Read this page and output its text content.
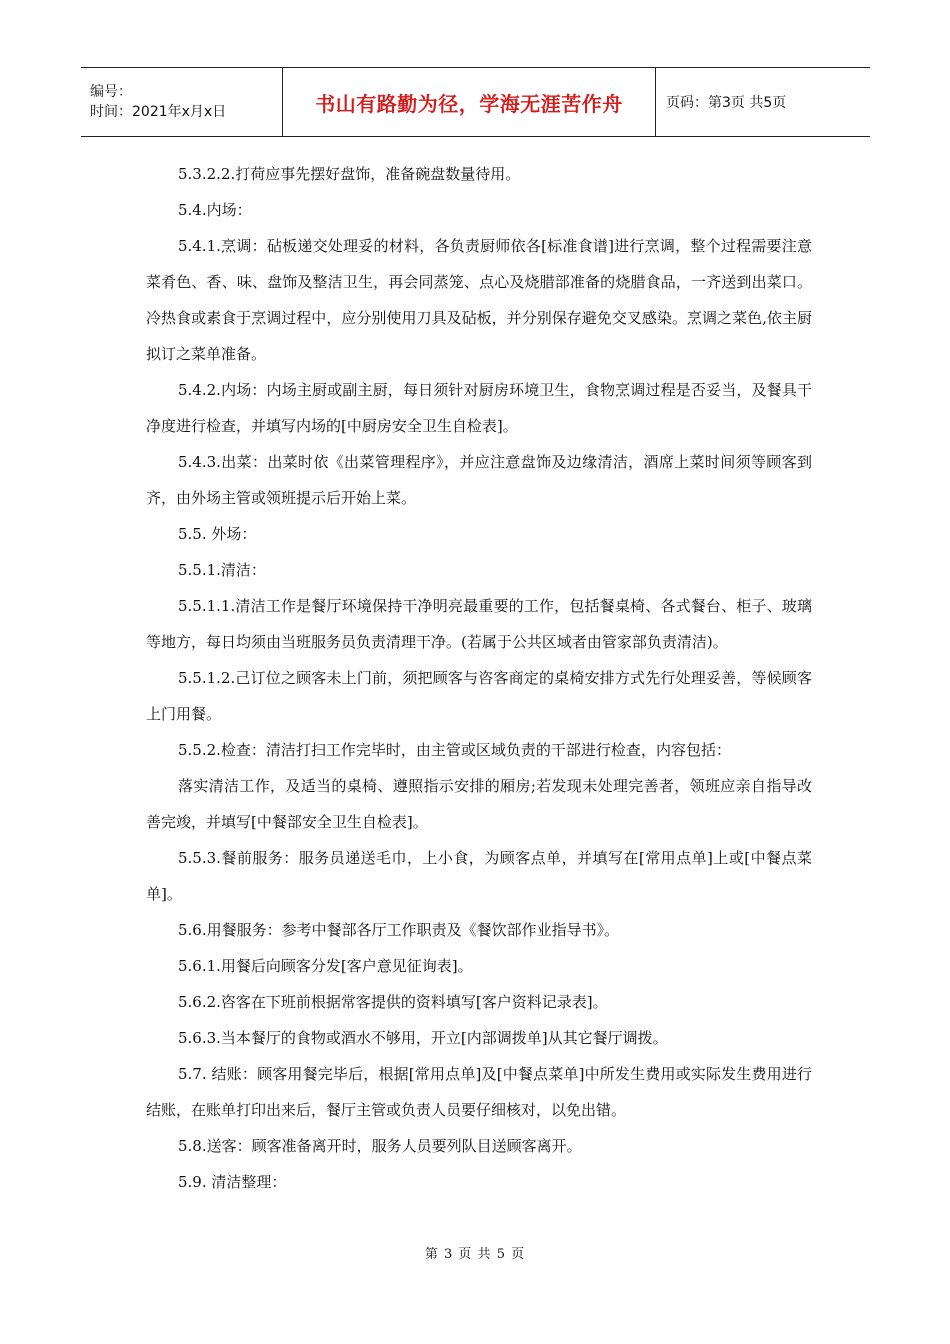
编号：
时间：2021年x月x日	书山有路勤为径，学海无涯苦作舟	页码：第3页 共5页

5.3.2.2.打荷应事先摆好盘饰，准备碗盘数量待用。

5.4.内场：

5.4.1.烹调：砧板递交处理妥的材料，各负责厨师依各[标准食谱]进行烹调，整个过程需要注意菜肴色、香、味、盘饰及整洁卫生，再会同蒸笼、点心及烧腊部准备的烧腊食品，一齐送到出菜口。冷热食或素食于烹调过程中，应分别使用刀具及砧板，并分别保存避免交叉感染。烹调之菜色,依主厨拟订之菜单准备。

5.4.2.内场：内场主厨或副主厨，每日须针对厨房环境卫生，食物烹调过程是否妥当，及餐具干净度进行检查，并填写内场的[中厨房安全卫生自检表]。

5.4.3.出菜：出菜时依《出菜管理程序》，并应注意盘饰及边缘清洁，酒席上菜时间须等顾客到齐，由外场主管或领班提示后开始上菜。

5.5. 外场：

5.5.1.清洁：

5.5.1.1.清洁工作是餐厅环境保持干净明亮最重要的工作，包括餐桌椅、各式餐台、柜子、玻璃等地方，每日均须由当班服务员负责清理干净。(若属于公共区域者由管家部负责清洁)。

5.5.1.2.己订位之顾客未上门前，须把顾客与咨客商定的桌椅安排方式先行处理妥善，等候顾客上门用餐。

5.5.2.检查：清洁打扫工作完毕时，由主管或区域负责的干部进行检查，内容包括：

落实清洁工作，及适当的桌椅、遵照指示安排的厢房;若发现未处理完善者，领班应亲自指导改善完竣，并填写[中餐部安全卫生自检表]。

5.5.3.餐前服务：服务员递送毛巾，上小食，为顾客点单，并填写在[常用点单]上或[中餐点菜单]。

5.6.用餐服务：参考中餐部各厅工作职责及《餐饮部作业指导书》。

5.6.1.用餐后向顾客分发[客户意见征询表]。

5.6.2.咨客在下班前根据常客提供的资料填写[客户资料记录表]。

5.6.3.当本餐厅的食物或酒水不够用，开立[内部调拨单]从其它餐厅调拨。

5.7. 结账：顾客用餐完毕后，根据[常用点单]及[中餐点菜单]中所发生费用或实际发生费用进行结账，在账单打印出来后，餐厅主管或负责人员要仔细核对，以免出错。

5.8.送客：顾客准备离开时，服务人员要列队目送顾客离开。

5.9. 清洁整理：

第 3 页 共 5 页
